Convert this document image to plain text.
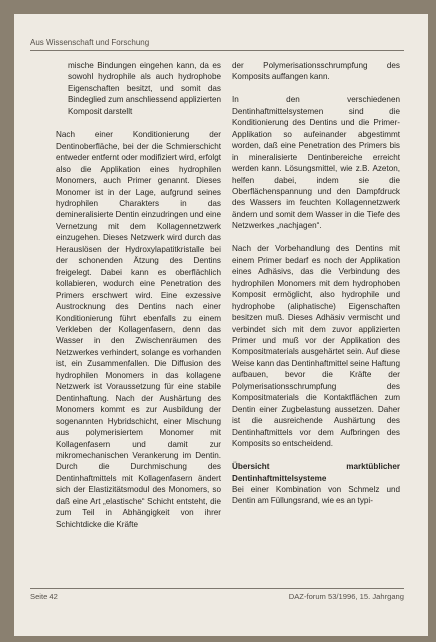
Aus Wissenschaft und Forschung

mische Bindungen eingehen kann, da es sowohl hydrophile als auch hydrophobe Eigenschaften besitzt, und somit das Bindeglied zum anschliessend applizierten Komposit darstellt

Nach einer Konditionierung der Dentinoberfläche, bei der die Schmierschicht entweder entfernt oder modifiziert wird, erfolgt also die Applikation eines hydrophilen Monomers, auch Primer genannt. Dieses Monomer ist in der Lage, aufgrund seines hydrophilen Charakters in das demineralisierte Dentin einzudringen und eine Vernetzung mit dem Kollagennetzwerk einzugehen. Dieses Netzwerk wird durch das Herauslösen der Hydroxylapatitkristalle bei der schonenden Ätzung des Dentins freigelegt. Dabei kann es oberflächlich kollabieren, wodurch eine Penetration des Primers erschwert wird. Eine exzessive Austrocknung des Dentins nach einer Konditionierung führt ebenfalls zu einem Verkleben der Kollagenfasern, denn das Wasser in den Zwischenräumen des Netzwerkes verhindert, solange es vorhanden ist, ein Zusammenfallen. Die Diffusion des hydrophilen Monomers in das kollagene Netzwerk ist Voraussetzung für eine stabile Dentinhaftung. Nach der Aushärtung des Monomers kommt es zur Ausbildung der sogenannten Hybridschicht, einer Mischung aus polymerisiertem Monomer mit Kollagenfasern und damit zur mikromechanischen Verankerung im Dentin. Durch die Durchmischung des Dentinhaftmittels mit Kollagenfasern ändert sich der Elastizitätsmodul des Monomers, so daß eine Art „elastische“ Schicht entsteht, die zum Teil in Abhängigkeit von ihrer Schichtdicke die Kräfte

der Polymerisationsschrumpfung des Komposits auffangen kann.

In den verschiedenen Dentinhaftmittelsystemen sind die Konditionierung des Dentins und die Primer-Applikation so aufeinander abgestimmt worden, daß eine Penetration des Primers bis in mineralisierte Dentinbereiche erreicht werden kann. Lösungsmittel, wie z.B. Azeton, helfen dabei, indem sie die Oberflächenspannung und den Dampfdruck des Wassers im feuchten Kollagennetzwerk ändern und somit dem Wasser in die Tiefe des Netzwerkes „nachjagen“.

Nach der Vorbehandlung des Dentins mit einem Primer bedarf es noch der Applikation eines Adhäsivs, das die Verbindung des hydrophilen Monomers mit dem hydrophoben Komposit ermöglicht, also hydrophile und hydrophobe (aliphatische) Eigenschaften besitzen muß. Dieses Adhäsiv vermischt und verbindet sich mit dem zuvor applizierten Primer und muß vor der Applikation des Kompositmaterials ausgehärtet sein. Auf diese Weise kann das Dentinhaftmittel seine Haftung aufbauen, bevor die Kräfte der Polymerisationsschrumpfung des Kompositmaterials die Kontaktflächen zum Dentin einer Zugbelastung aussetzen. Daher ist die ausreichende Aushärtung des Dentinhaftmittels vor dem Aufbringen des Komposits so entscheidend.

Übersicht marktüblicher Dentinhaftmittelsysteme

Bei einer Kombination von Schmelz und Dentin am Füllungsrand, wie es an typi-

Seite 42	DAZ-forum 53/1996, 15. Jahrgang
